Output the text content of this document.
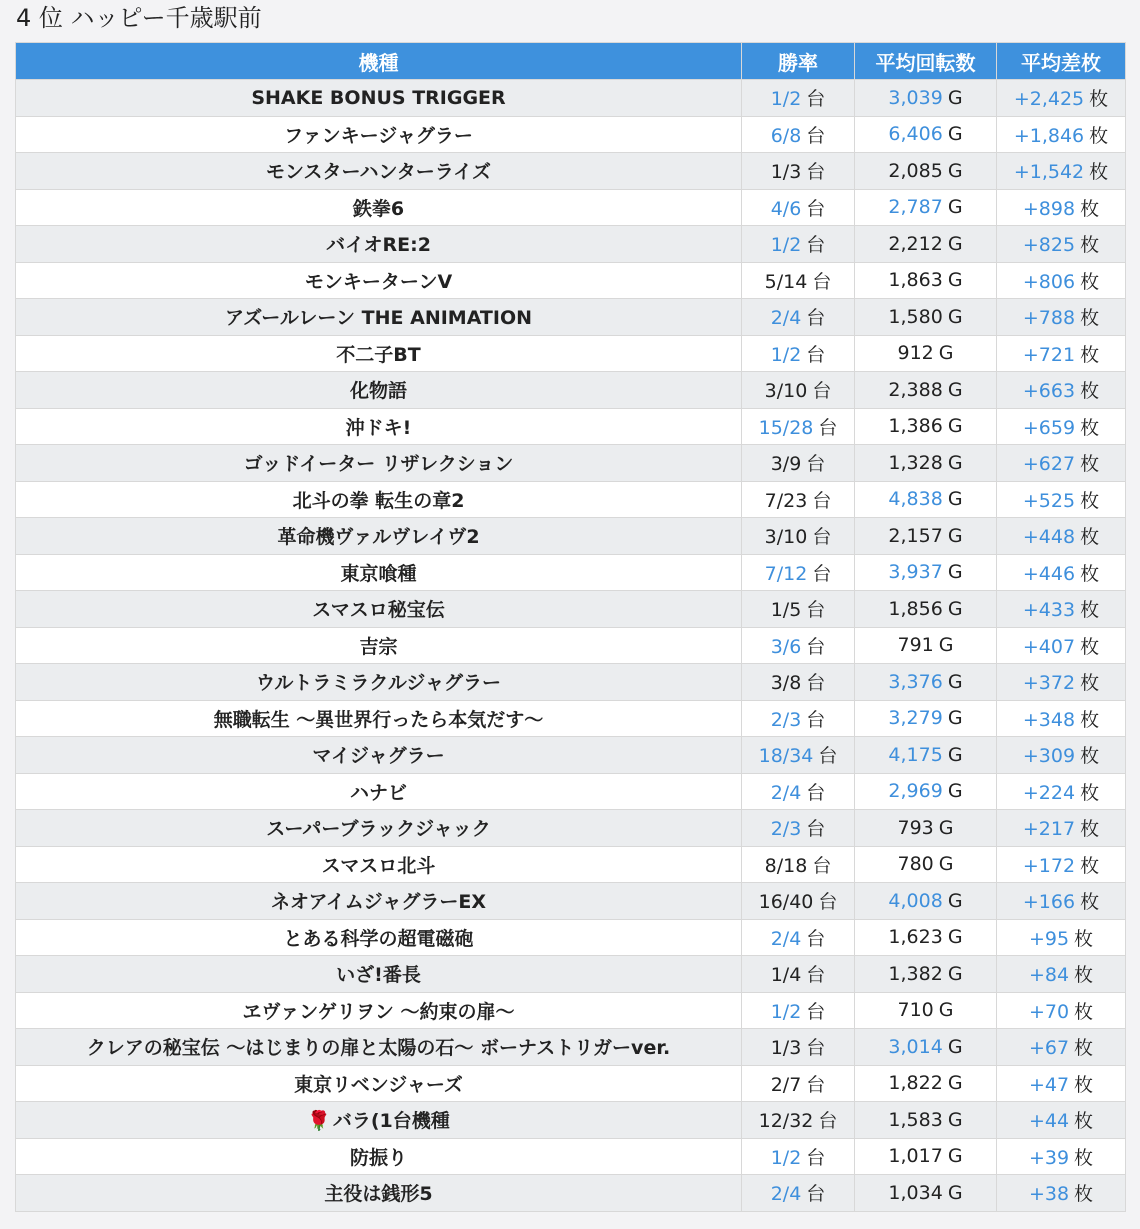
4 位 ハッピー千歳駅前
機種	勝率	平均回転数	平均差枚
SHAKE BONUS TRIGGER	1/2 台	3,039 G	+2,425 枚
ファンキージャグラー	6/8 台	6,406 G	+1,846 枚
モンスターハンターライズ	1/3 台	2,085 G	+1,542 枚
鉄拳6	4/6 台	2,787 G	+898 枚
バイオRE:2	1/2 台	2,212 G	+825 枚
モンキーターンV	5/14 台	1,863 G	+806 枚
アズールレーン THE ANIMATION	2/4 台	1,580 G	+788 枚
不二子BT	1/2 台	912 G	+721 枚
化物語	3/10 台	2,388 G	+663 枚
沖ドキ!	15/28 台	1,386 G	+659 枚
ゴッドイーター リザレクション	3/9 台	1,328 G	+627 枚
北斗の拳 転生の章2	7/23 台	4,838 G	+525 枚
革命機ヴァルヴレイヴ2	3/10 台	2,157 G	+448 枚
東京喰種	7/12 台	3,937 G	+446 枚
スマスロ秘宝伝	1/5 台	1,856 G	+433 枚
吉宗	3/6 台	791 G	+407 枚
ウルトラミラクルジャグラー	3/8 台	3,376 G	+372 枚
無職転生 〜異世界行ったら本気だす〜	2/3 台	3,279 G	+348 枚
マイジャグラー	18/34 台	4,175 G	+309 枚
ハナビ	2/4 台	2,969 G	+224 枚
スーパーブラックジャック	2/3 台	793 G	+217 枚
スマスロ北斗	8/18 台	780 G	+172 枚
ネオアイムジャグラーEX	16/40 台	4,008 G	+166 枚
とある科学の超電磁砲	2/4 台	1,623 G	+95 枚
いざ!番長	1/4 台	1,382 G	+84 枚
ヱヴァンゲリヲン 〜約束の扉〜	1/2 台	710 G	+70 枚
クレアの秘宝伝 〜はじまりの扉と太陽の石〜 ボーナストリガーver.	1/3 台	3,014 G	+67 枚
東京リベンジャーズ	2/7 台	1,822 G	+47 枚
🌹 バラ(1台機種	12/32 台	1,583 G	+44 枚
防振り	1/2 台	1,017 G	+39 枚
主役は銭形5	2/4 台	1,034 G	+38 枚
